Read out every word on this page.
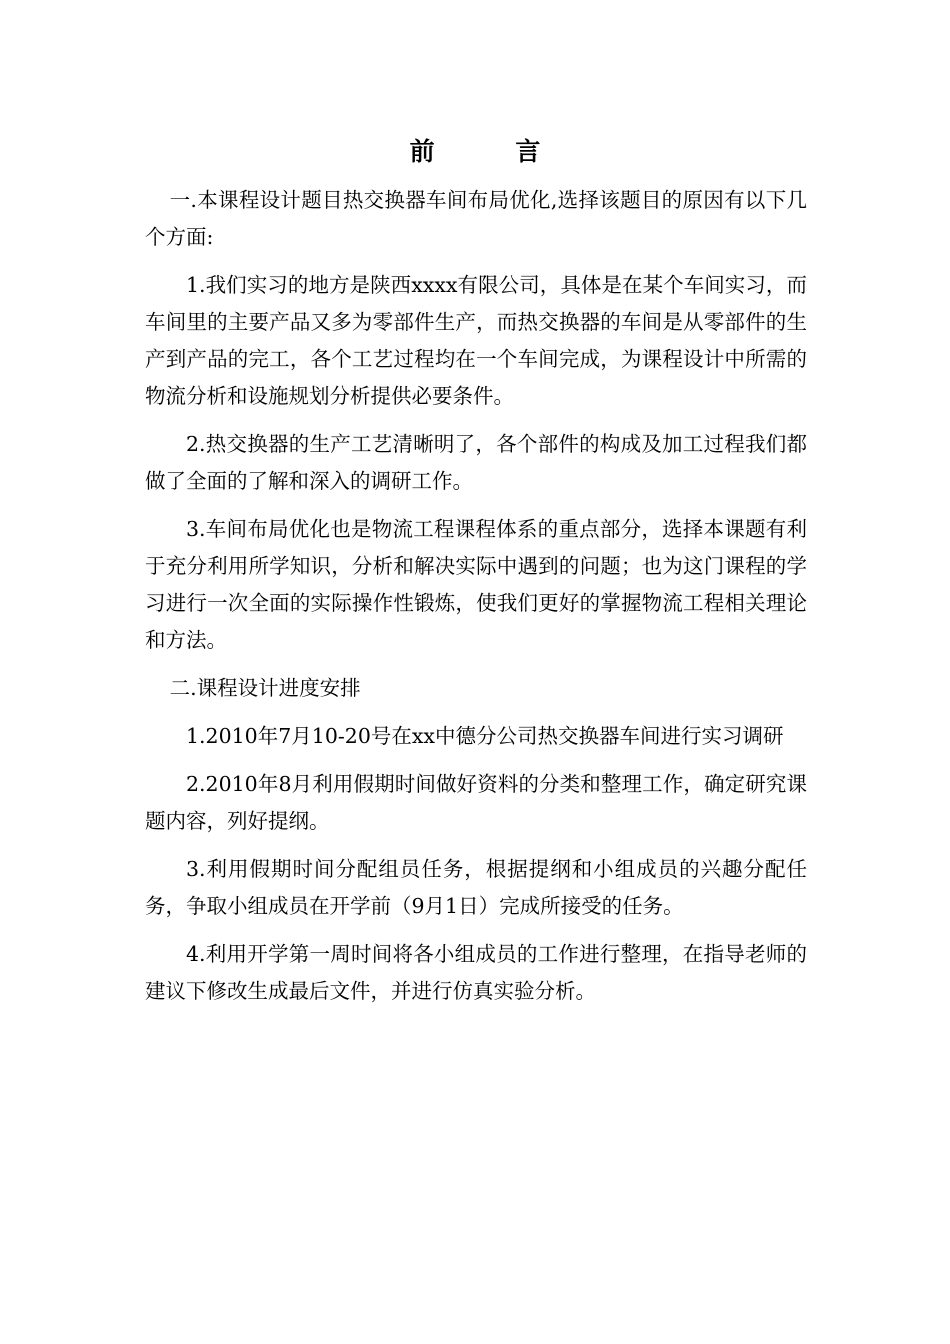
前 言

一.本课程设计题目热交换器车间布局优化,选择该题目的原因有以下几个方面:

1.我们实习的地方是陕西xxxx有限公司，具体是在某个车间实习，而车间里的主要产品又多为零部件生产，而热交换器的车间是从零部件的生产到产品的完工，各个工艺过程均在一个车间完成，为课程设计中所需的物流分析和设施规划分析提供必要条件。

2.热交换器的生产工艺清晰明了，各个部件的构成及加工过程我们都做了全面的了解和深入的调研工作。

3.车间布局优化也是物流工程课程体系的重点部分，选择本课题有利于充分利用所学知识，分析和解决实际中遇到的问题；也为这门课程的学习进行一次全面的实际操作性锻炼，使我们更好的掌握物流工程相关理论和方法。

二.课程设计进度安排

1.2010年7月10-20号在xx中德分公司热交换器车间进行实习调研

2.2010年8月利用假期时间做好资料的分类和整理工作，确定研究课题内容，列好提纲。

3.利用假期时间分配组员任务，根据提纲和小组成员的兴趣分配任务，争取小组成员在开学前（9月1日）完成所接受的任务。

4.利用开学第一周时间将各小组成员的工作进行整理，在指导老师的建议下修改生成最后文件，并进行仿真实验分析。
